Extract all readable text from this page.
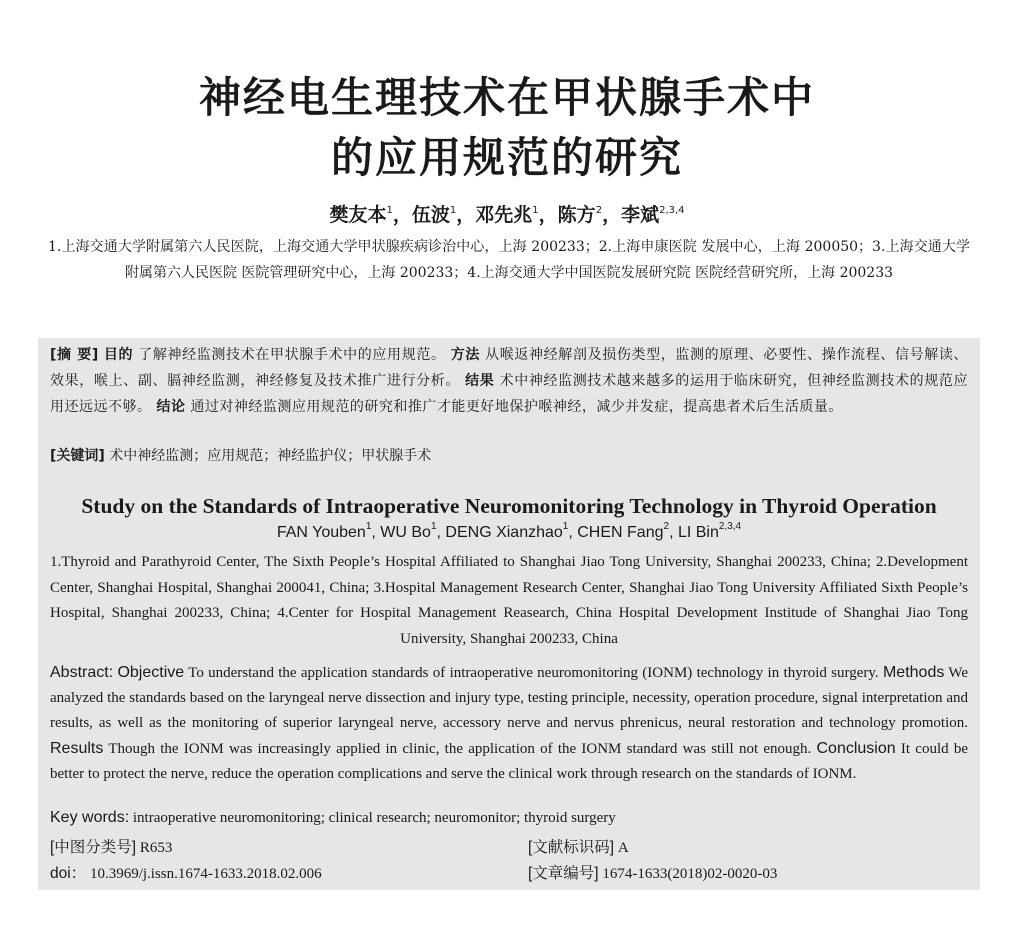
神经电生理技术在甲状腺手术中
的应用规范的研究
樊友本$^1$，伍波$^1$，邓先兆$^1$，陈方$^2$，李斌$^{2,3,4}$
1.上海交通大学附属第六人民医院，上海交通大学甲状腺疾病诊治中心，上海 200233；2.上海申康医院 发展中心，上海 200050；3.上海交通大学附属第六人民医院 医院管理研究中心，上海 200233；4.上海交通大学中国医院发展研究院 医院经营研究所，上海 200233
[摘 要] 目的 了解神经监测技术在甲状腺手术中的应用规范。 方法 从喉返神经解剖及损伤类型，监测的原理、必要性、操作流程、信号解读、效果，喉上、副、膈神经监测，神经修复及技术推广进行分析。 结果 术中神经监测技术越来越多的运用于临床研究，但神经监测技术的规范应用还远远不够。 结论 通过对神经监测应用规范的研究和推广才能更好地保护喉神经，减少并发症，提高患者术后生活质量。
[关键词] 术中神经监测；应用规范；神经监护仪；甲状腺手术
Study on the Standards of Intraoperative Neuromonitoring Technology in Thyroid Operation
FAN Youben$^1$, WU Bo$^1$, DENG Xianzhao$^1$, CHEN Fang$^2$, LI Bin$^{2,3,4}$
1.Thyroid and Parathyroid Center, The Sixth People’s Hospital Affiliated to Shanghai Jiao Tong University, Shanghai 200233, China; 2.Development Center, Shanghai Hospital, Shanghai 200041, China; 3.Hospital Management Research Center, Shanghai Jiao Tong University Affiliated Sixth People’s Hospital, Shanghai 200233, China; 4.Center for Hospital Management Reasearch, China Hospital Development Institude of Shanghai Jiao Tong University, Shanghai 200233, China
Abstract: Objective To understand the application standards of intraoperative neuromonitoring (IONM) technology in thyroid surgery. Methods We analyzed the standards based on the laryngeal nerve dissection and injury type, testing principle, necessity, operation procedure, signal interpretation and results, as well as the monitoring of superior laryngeal nerve, accessory nerve and nervus phrenicus, neural restoration and technology promotion. Results Though the IONM was increasingly applied in clinic, the application of the IONM standard was still not enough. Conclusion It could be better to protect the nerve, reduce the operation complications and serve the clinical work through research on the standards of IONM.
Key words: intraoperative neuromonitoring; clinical research; neuromonitor; thyroid surgery
[中图分类号] R653	[文献标识码] A
doi： 10.3969/j.issn.1674-1633.2018.02.006	[文章编号] 1674-1633(2018)02-0020-03
